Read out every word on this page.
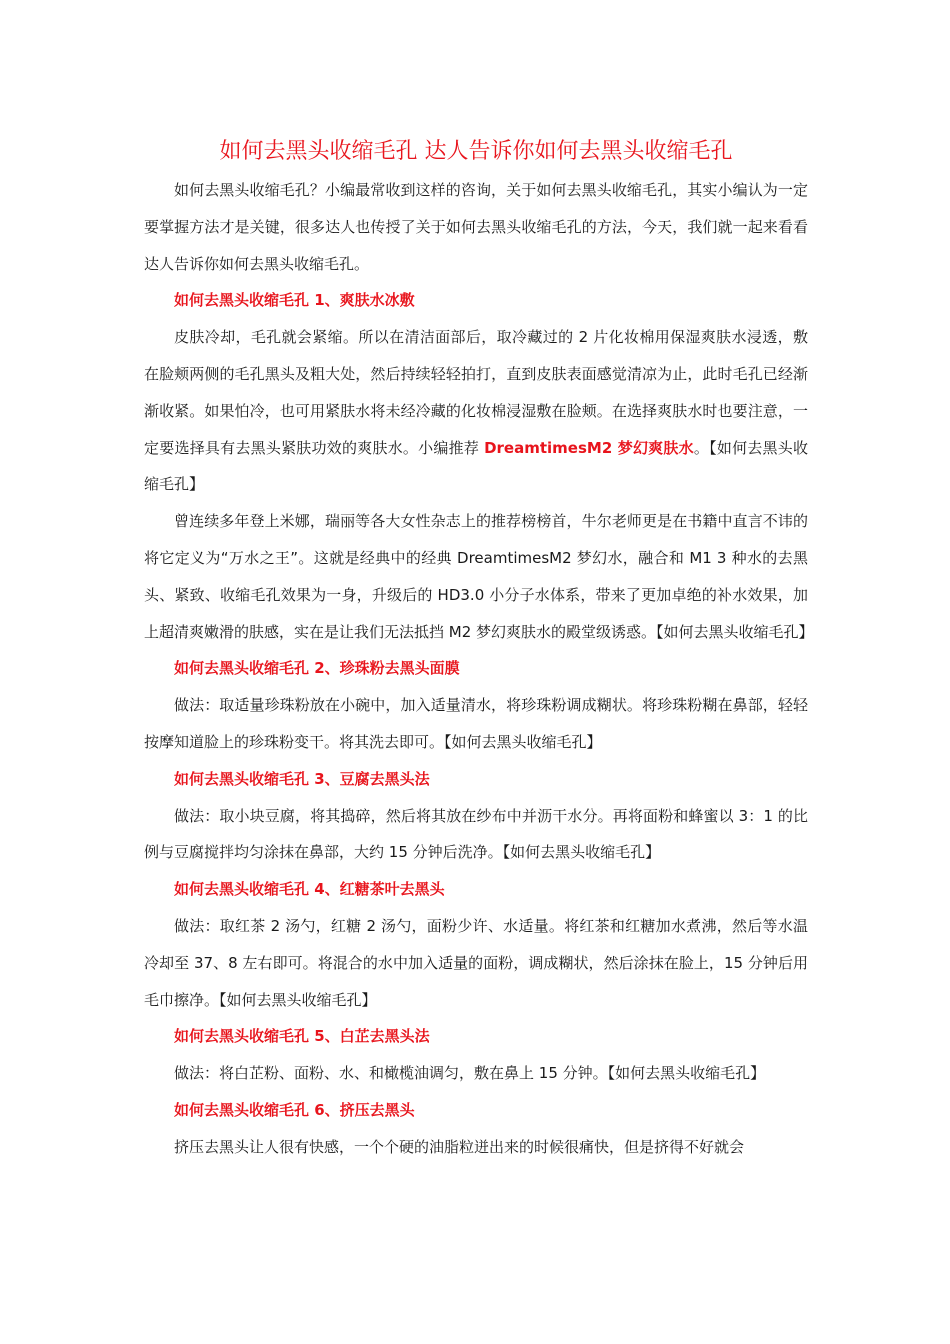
如何去黑头收缩毛孔 达人告诉你如何去黑头收缩毛孔

如何去黑头收缩毛孔？小编最常收到这样的咨询，关于如何去黑头收缩毛孔，其实小编认为一定要掌握方法才是关键，很多达人也传授了关于如何去黑头收缩毛孔的方法，今天，我们就一起来看看达人告诉你如何去黑头收缩毛孔。

如何去黑头收缩毛孔 1、爽肤水冰敷

皮肤冷却，毛孔就会紧缩。所以在清洁面部后，取冷藏过的 2 片化妆棉用保湿爽肤水浸透，敷在脸颊两侧的毛孔黑头及粗大处，然后持续轻轻拍打，直到皮肤表面感觉清凉为止，此时毛孔已经渐渐收紧。如果怕冷，也可用紧肤水将未经冷藏的化妆棉浸湿敷在脸颊。在选择爽肤水时也要注意，一定要选择具有去黑头紧肤功效的爽肤水。小编推荐 DreamtimesM2 梦幻爽肤水。【如何去黑头收缩毛孔】

曾连续多年登上米娜，瑞丽等各大女性杂志上的推荐榜榜首，牛尔老师更是在书籍中直言不讳的将它定义为“万水之王”。这就是经典中的经典 DreamtimesM2 梦幻水，融合和 M1 3 种水的去黑头、紧致、收缩毛孔效果为一身，升级后的 HD3.0 小分子水体系，带来了更加卓绝的补水效果，加上超清爽嫩滑的肤感，实在是让我们无法抵挡 M2 梦幻爽肤水的殿堂级诱惑。【如何去黑头收缩毛孔】

如何去黑头收缩毛孔 2、珍珠粉去黑头面膜

做法：取适量珍珠粉放在小碗中，加入适量清水，将珍珠粉调成糊状。将珍珠粉糊在鼻部，轻轻按摩知道脸上的珍珠粉变干。将其洗去即可。【如何去黑头收缩毛孔】

如何去黑头收缩毛孔 3、豆腐去黑头法

做法：取小块豆腐，将其捣碎，然后将其放在纱布中并沥干水分。再将面粉和蜂蜜以 3：1 的比例与豆腐搅拌均匀涂抹在鼻部，大约 15 分钟后洗净。【如何去黑头收缩毛孔】

如何去黑头收缩毛孔 4、红糖茶叶去黑头

做法：取红茶 2 汤勺，红糖 2 汤勺，面粉少许、水适量。将红茶和红糖加水煮沸，然后等水温冷却至 37、8 左右即可。将混合的水中加入适量的面粉，调成糊状，然后涂抹在脸上，15 分钟后用毛巾擦净。【如何去黑头收缩毛孔】

如何去黑头收缩毛孔 5、白芷去黑头法

做法：将白芷粉、面粉、水、和橄榄油调匀，敷在鼻上 15 分钟。【如何去黑头收缩毛孔】

如何去黑头收缩毛孔 6、挤压去黑头

挤压去黑头让人很有快感，一个个硬的油脂粒迸出来的时候很痛快，但是挤得不好就会
